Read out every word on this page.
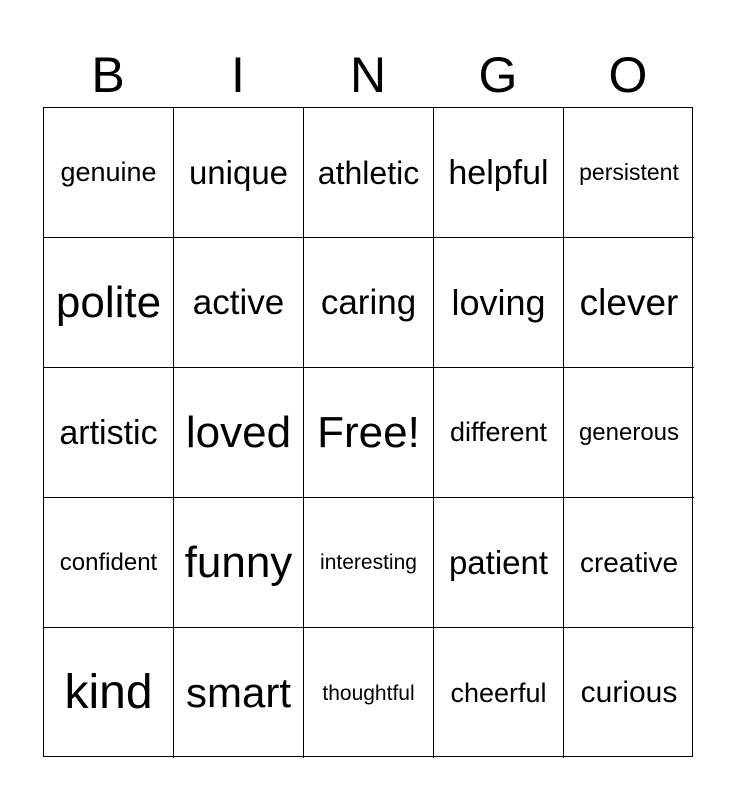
B	I	N	G	O
genuine unique athletic helpful persistent
polite active caring loving clever
artistic loved Free! different generous
confident funny interesting patient creative
kind smart thoughtful cheerful curious
